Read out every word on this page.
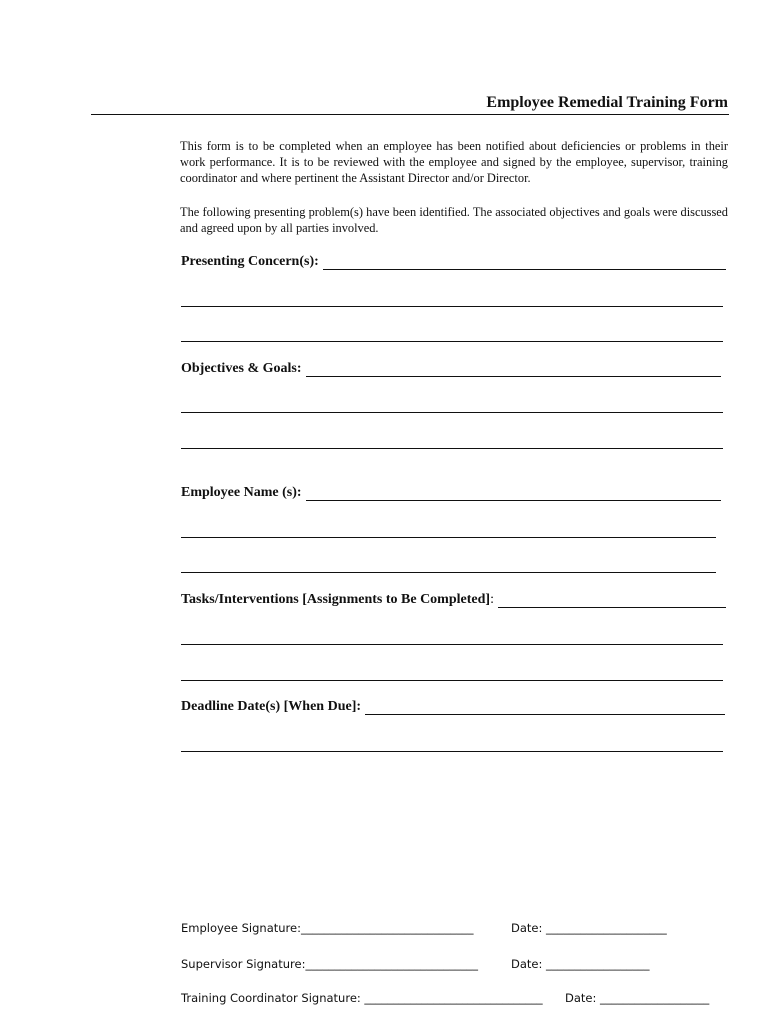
Employee Remedial Training Form

This form is to be completed when an employee has been notified about deficiencies or problems in their work performance. It is to be reviewed with the employee and signed by the employee, supervisor, training coordinator and where pertinent the Assistant Director and/or Director.

The following presenting problem(s) have been identified. The associated objectives and goals were discussed and agreed upon by all parties involved.

Presenting Concern(s):
Objectives & Goals:
Employee Name (s):
Tasks/Interventions [Assignments to Be Completed]:
Deadline Date(s) [When Due]:
Employee Signature:______________________________	Date: _____________________
Supervisor Signature:______________________________	Date: __________________
Training Coordinator Signature: _______________________________ Date: ___________________
